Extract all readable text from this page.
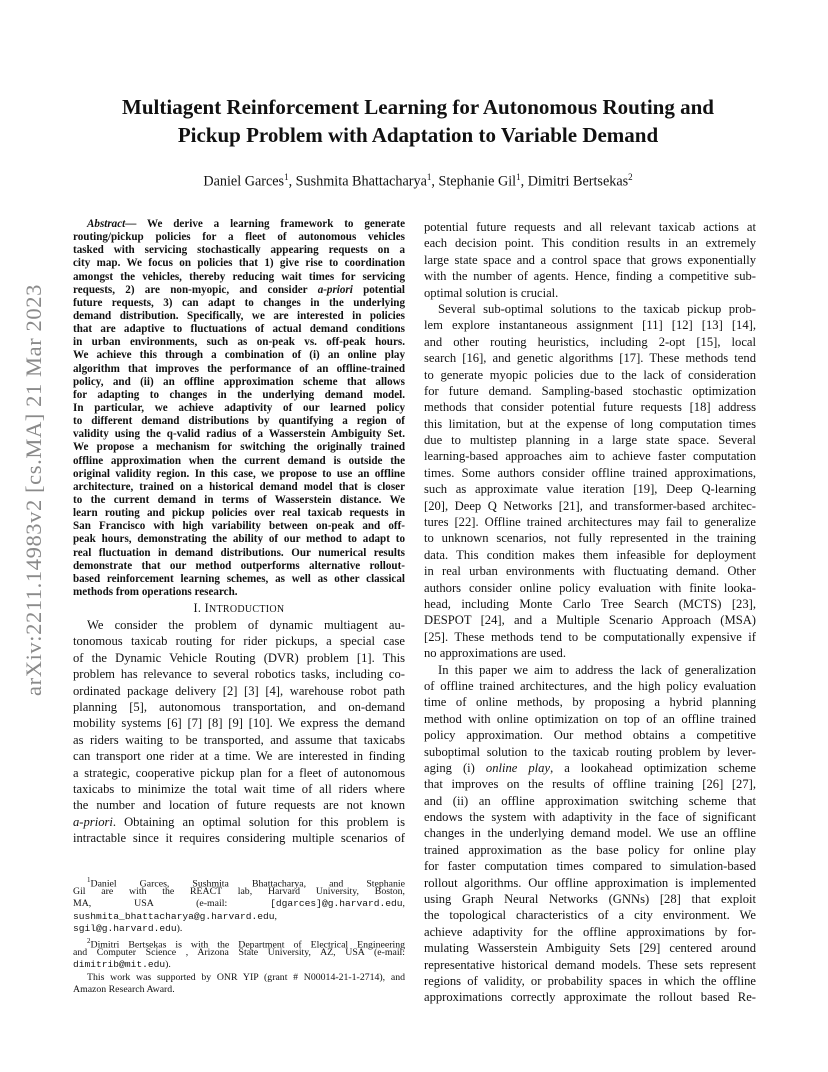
arXiv:2211.14983v2 [cs.MA] 21 Mar 2023
Multiagent Reinforcement Learning for Autonomous Routing and
Pickup Problem with Adaptation to Variable Demand
Daniel Garces$^1$, Sushmita Bhattacharya$^1$, Stephanie Gil$^1$, Dimitri Bertsekas$^2$
Abstract— We derive a learning framework to generate
routing/pickup policies for a fleet of autonomous vehicles
tasked with servicing stochastically appearing requests on a
city map. We focus on policies that 1) give rise to coordination
amongst the vehicles, thereby reducing wait times for servicing
requests, 2) are non-myopic, and consider a-priori potential
future requests, 3) can adapt to changes in the underlying
demand distribution. Specifically, we are interested in policies
that are adaptive to fluctuations of actual demand conditions
in urban environments, such as on-peak vs. off-peak hours.
We achieve this through a combination of (i) an online play
algorithm that improves the performance of an offline-trained
policy, and (ii) an offline approximation scheme that allows
for adapting to changes in the underlying demand model.
In particular, we achieve adaptivity of our learned policy
to different demand distributions by quantifying a region of
validity using the q-valid radius of a Wasserstein Ambiguity Set.
We propose a mechanism for switching the originally trained
offline approximation when the current demand is outside the
original validity region. In this case, we propose to use an offline
architecture, trained on a historical demand model that is closer
to the current demand in terms of Wasserstein distance. We
learn routing and pickup policies over real taxicab requests in
San Francisco with high variability between on-peak and off-
peak hours, demonstrating the ability of our method to adapt to
real fluctuation in demand distributions. Our numerical results
demonstrate that our method outperforms alternative rollout-
based reinforcement learning schemes, as well as other classical
methods from operations research.
I. INTRODUCTION
We consider the problem of dynamic multiagent au-
tonomous taxicab routing for rider pickups, a special case
of the Dynamic Vehicle Routing (DVR) problem [1]. This
problem has relevance to several robotics tasks, including co-
ordinated package delivery [2] [3] [4], warehouse robot path
planning [5], autonomous transportation, and on-demand
mobility systems [6] [7] [8] [9] [10]. We express the demand
as riders waiting to be transported, and assume that taxicabs
can transport one rider at a time. We are interested in finding
a strategic, cooperative pickup plan for a fleet of autonomous
taxicabs to minimize the total wait time of all riders where
the number and location of future requests are not known
a-priori. Obtaining an optimal solution for this problem is
intractable since it requires considering multiple scenarios of
$^1$Daniel Garces, Sushmita Bhattacharya, and Stephanie
Gil are with the REACT lab, Harvard University, Boston,
MA, USA (e-mail: [dgarces]@g.harvard.edu,
sushmita_bhattacharya@g.harvard.edu,
sgil@g.harvard.edu).
$^2$Dimitri Bertsekas is with the Department of Electrical Engineering
and Computer Science , Arizona State University, AZ, USA (e-mail:
dimitrib@mit.edu).
This work was supported by ONR YIP (grant # N00014-21-1-2714), and
Amazon Research Award.
potential future requests and all relevant taxicab actions at
each decision point. This condition results in an extremely
large state space and a control space that grows exponentially
with the number of agents. Hence, finding a competitive sub-
optimal solution is crucial.
Several sub-optimal solutions to the taxicab pickup prob-
lem explore instantaneous assignment [11] [12] [13] [14],
and other routing heuristics, including 2-opt [15], local
search [16], and genetic algorithms [17]. These methods tend
to generate myopic policies due to the lack of consideration
for future demand. Sampling-based stochastic optimization
methods that consider potential future requests [18] address
this limitation, but at the expense of long computation times
due to multistep planning in a large state space. Several
learning-based approaches aim to achieve faster computation
times. Some authors consider offline trained approximations,
such as approximate value iteration [19], Deep Q-learning
[20], Deep Q Networks [21], and transformer-based architec-
tures [22]. Offline trained architectures may fail to generalize
to unknown scenarios, not fully represented in the training
data. This condition makes them infeasible for deployment
in real urban environments with fluctuating demand. Other
authors consider online policy evaluation with finite looka-
head, including Monte Carlo Tree Search (MCTS) [23],
DESPOT [24], and a Multiple Scenario Approach (MSA)
[25]. These methods tend to be computationally expensive if
no approximations are used.
In this paper we aim to address the lack of generalization
of offline trained architectures, and the high policy evaluation
time of online methods, by proposing a hybrid planning
method with online optimization on top of an offline trained
policy approximation. Our method obtains a competitive
suboptimal solution to the taxicab routing problem by lever-
aging (i) online play, a lookahead optimization scheme
that improves on the results of offline training [26] [27],
and (ii) an offline approximation switching scheme that
endows the system with adaptivity in the face of significant
changes in the underlying demand model. We use an offline
trained approximation as the base policy for online play
for faster computation times compared to simulation-based
rollout algorithms. Our offline approximation is implemented
using Graph Neural Networks (GNNs) [28] that exploit
the topological characteristics of a city environment. We
achieve adaptivity for the offline approximations by for-
mulating Wasserstein Ambiguity Sets [29] centered around
representative historical demand models. These sets represent
regions of validity, or probability spaces in which the offline
approximations correctly approximate the rollout based Re-
